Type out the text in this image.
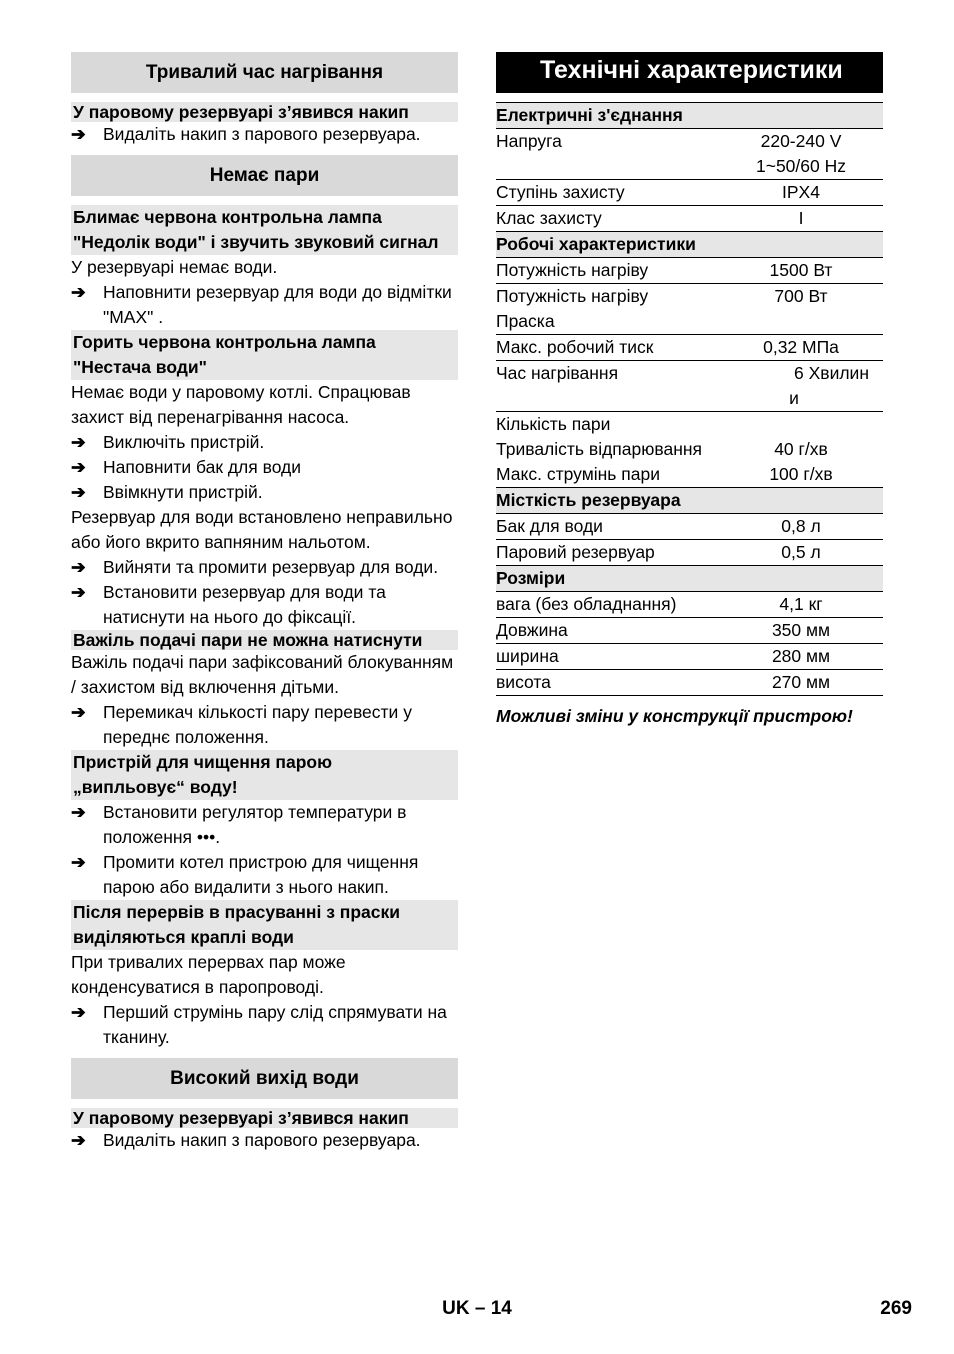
Тривалий час нагрівання
У паровому резервуарі з’явився накип
➔ Видаліть накип з парового резервуара.
Немає пари
Блимає червона контрольна лампа
"Недолік води" і звучить звуковий сигнал
У резервуарі немає води.
➔ Наповнити резервуар для води до відмітки "MAX" .
Горить червона контрольна лампа
"Нестача води"
Немає води у паровому котлі. Спрацював захист від перенагрівання насоса.
➔ Виключіть пристрій.
➔ Наповнити бак для води
➔ Ввімкнути пристрій.
Резервуар для води встановлено неправильно або його вкрито вапняним нальотом.
➔ Вийняти та промити резервуар для води.
➔ Встановити резервуар для води та натиснути на нього до фіксації.
Важіль подачі пари не можна натиснути
Важіль подачі пари зафіксований блокуванням / захистом від включення дітьми.
➔ Перемикач кількості пару перевести у переднє положення.
Пристрій для чищення парою
„випльовує“ воду!
➔ Встановити регулятор температури в положення •••.
➔ Промити котел пристрою для чищення парою або видалити з нього накип.
Після перервів в прасуванні з праски
виділяються краплі води
При тривалих перервах пар може конденсуватися в паропроводі.
➔ Перший струмінь пару слід спрямувати на тканину.
Високий вихід води
У паровому резервуарі з’явився накип
➔ Видаліть накип з парового резервуара.
Технічні характеристики
Електричні з'єднання	
Напруга	220-240 V
1~50/60 Hz

Ступінь захисту	IPX4
Клас захисту	I
Робочі характеристики	
Потужність нагріву	1500 Вт

Потужність нагріву
Праска	700 Вт
Макс. робочий тиск	0,32 МПа
Час нагрівання	6 Хвилин
и

Кількість пари	
Тривалість відпарювання	40 г/хв
Макс. струмінь пари	100 г/хв
Місткість резервуара	
Бак для води	0,8 л
Паровий резервуар	0,5 л
Розміри	
вага (без обладнання)	4,1 кг
Довжина	350 мм
ширина	280 мм
висота	270 мм
Можливі зміни у конструкції пристрою!
UK – 14	269
